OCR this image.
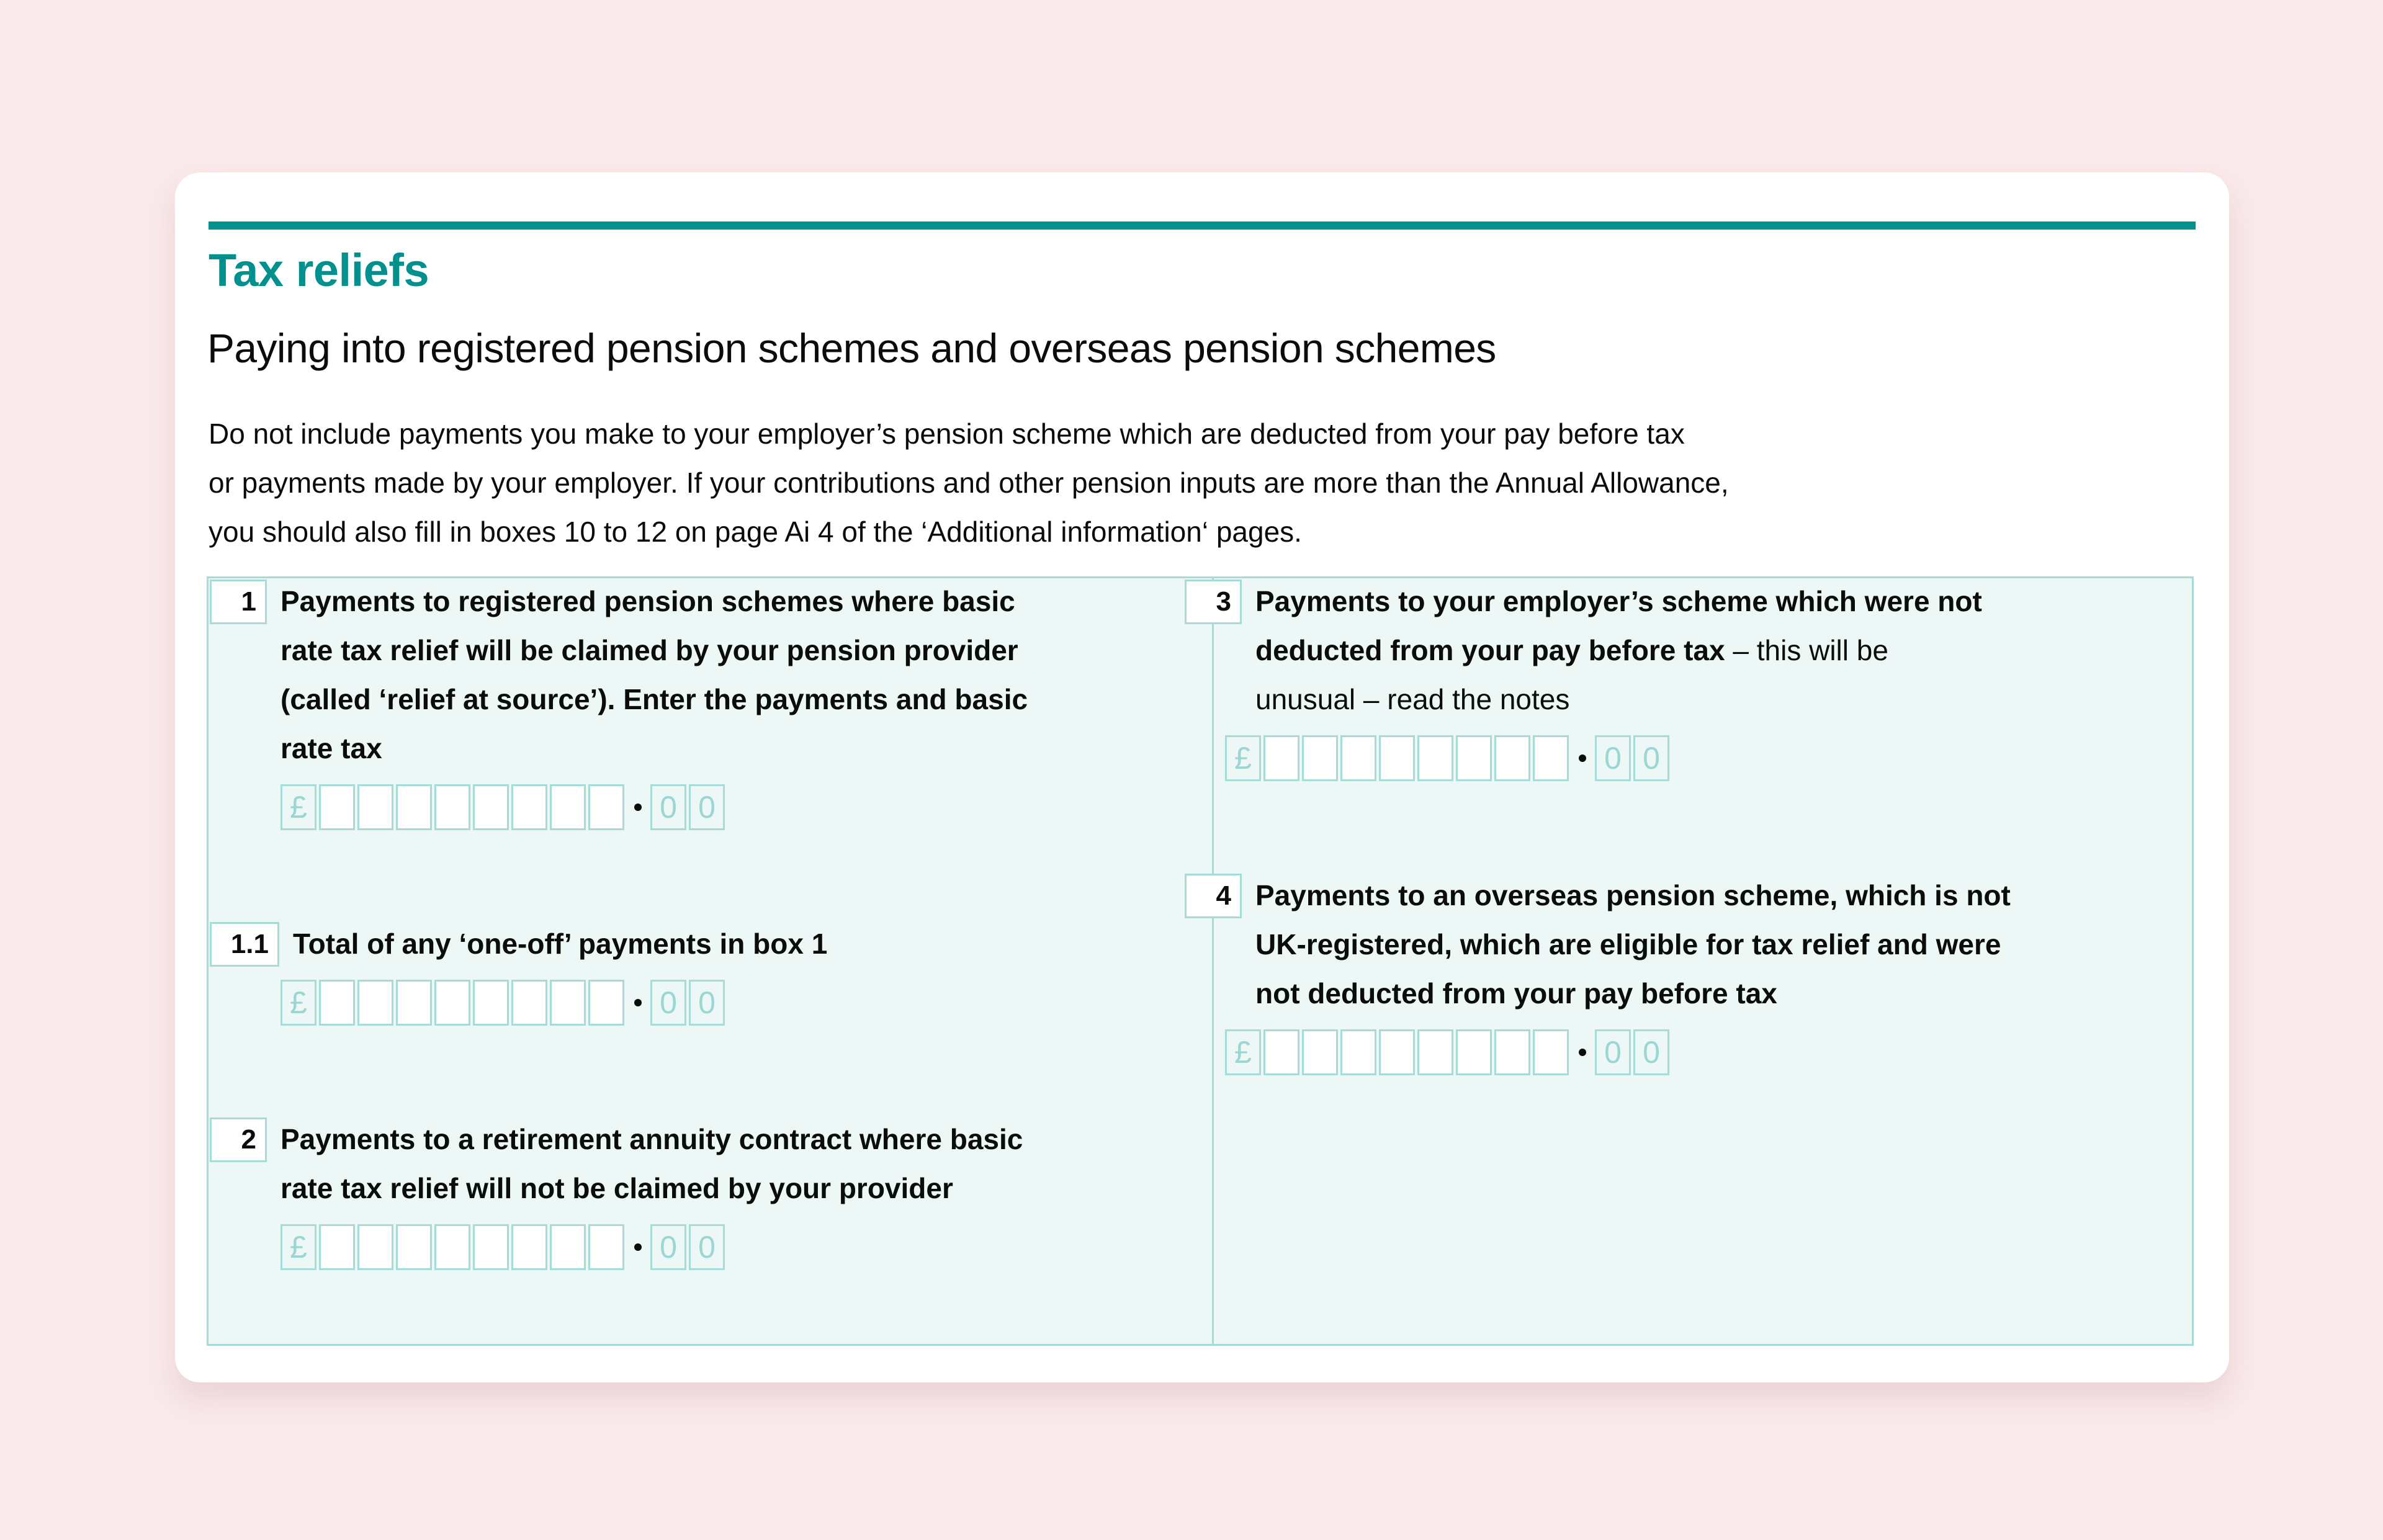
Tax reliefs
Paying into registered pension schemes and overseas pension schemes
Do not include payments you make to your employer’s pension scheme which are deducted from your pay before tax
or payments made by your employer. If your contributions and other pension inputs are more than the Annual Allowance,
you should also fill in boxes 10 to 12 on page Ai 4 of the ‘Additional information‘ pages.
1 Payments to registered pension schemes where basic
rate tax relief will be claimed by your pension provider
(called ‘relief at source’). Enter the payments and basic
rate tax
£	0 0
1.1 Total of any ‘one-off’ payments in box 1
£	0 0
2 Payments to a retirement annuity contract where basic
rate tax relief will not be claimed by your provider
£	0 0
3 Payments to your employer’s scheme which were not
deducted from your pay before tax – this will be
unusual – read the notes
£	0 0
4 Payments to an overseas pension scheme, which is not
UK-registered, which are eligible for tax relief and were
not deducted from your pay before tax
£	0 0
